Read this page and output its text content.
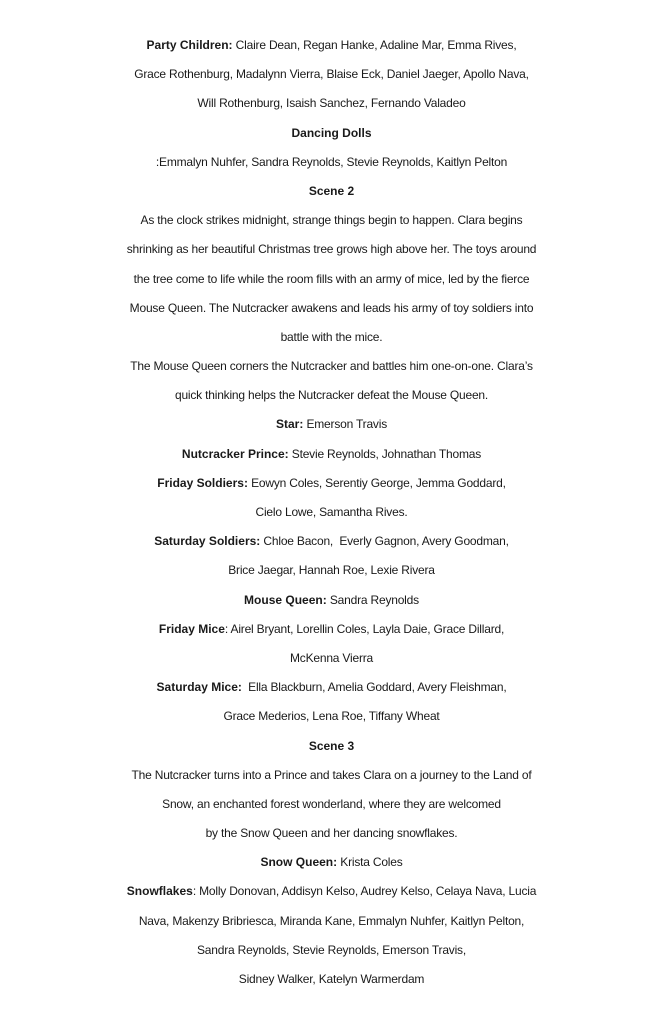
Party Children: Claire Dean, Regan Hanke, Adaline Mar, Emma Rives,
Grace Rothenburg, Madalynn Vierra, Blaise Eck, Daniel Jaeger, Apollo Nava,
Will Rothenburg, Isaish Sanchez, Fernando Valadeo
Dancing Dolls
:Emmalyn Nuhfer, Sandra Reynolds, Stevie Reynolds, Kaitlyn Pelton
Scene 2
As the clock strikes midnight, strange things begin to happen. Clara begins
shrinking as her beautiful Christmas tree grows high above her. The toys around
the tree come to life while the room fills with an army of mice, led by the fierce
Mouse Queen. The Nutcracker awakens and leads his army of toy soldiers into
battle with the mice.
The Mouse Queen corners the Nutcracker and battles him one-on-one. Clara’s
quick thinking helps the Nutcracker defeat the Mouse Queen.
Star: Emerson Travis
Nutcracker Prince: Stevie Reynolds, Johnathan Thomas
Friday Soldiers: Eowyn Coles, Serentiy George, Jemma Goddard,
Cielo Lowe, Samantha Rives.
Saturday Soldiers: Chloe Bacon,  Everly Gagnon, Avery Goodman,
Brice Jaegar, Hannah Roe, Lexie Rivera
Mouse Queen: Sandra Reynolds
Friday Mice: Airel Bryant, Lorellin Coles, Layla Daie, Grace Dillard,
McKenna Vierra
Saturday Mice:  Ella Blackburn, Amelia Goddard, Avery Fleishman,
Grace Mederios, Lena Roe, Tiffany Wheat
Scene 3
The Nutcracker turns into a Prince and takes Clara on a journey to the Land of
Snow, an enchanted forest wonderland, where they are welcomed
by the Snow Queen and her dancing snowflakes.
Snow Queen: Krista Coles
Snowflakes: Molly Donovan, Addisyn Kelso, Audrey Kelso, Celaya Nava, Lucia
Nava, Makenzy Bribriesca, Miranda Kane, Emmalyn Nuhfer, Kaitlyn Pelton,
Sandra Reynolds, Stevie Reynolds, Emerson Travis,
Sidney Walker, Katelyn Warmerdam
